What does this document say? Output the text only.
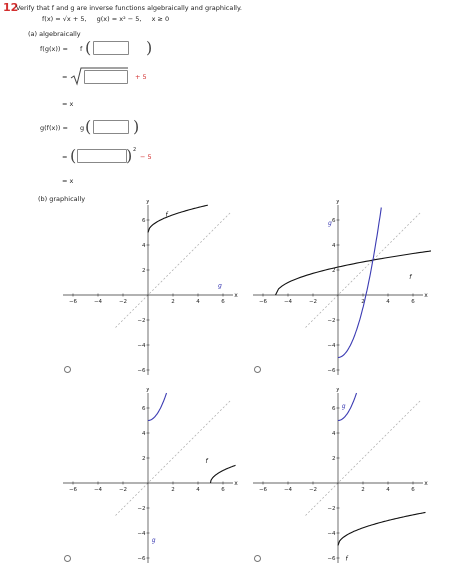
12
Verify that f and g are inverse functions algebraically and graphically.
f(x) = √x + 5, g(x) = x² − 5, x ≥ 0
(a) algebraically
f(g(x)) = f (	)
=	+ 5
= x
g(f(x)) = g (	)
= (	) 2
− 5
= x
(b) graphically
−6	−4	−2	2	4	6
6
4
2
−2
−4
−6
x
y
f
g
−6	−4	−2	2	4	6
6
4
2
−2
−4
−6
x
y
f
g
−6	−4	−2	2	4	6
6
4
2
−2
−4
−6
x
y
f
g
−6	−4	−2	2	4	6
6
4
2
−2
−4
−6
x
y
f
g
